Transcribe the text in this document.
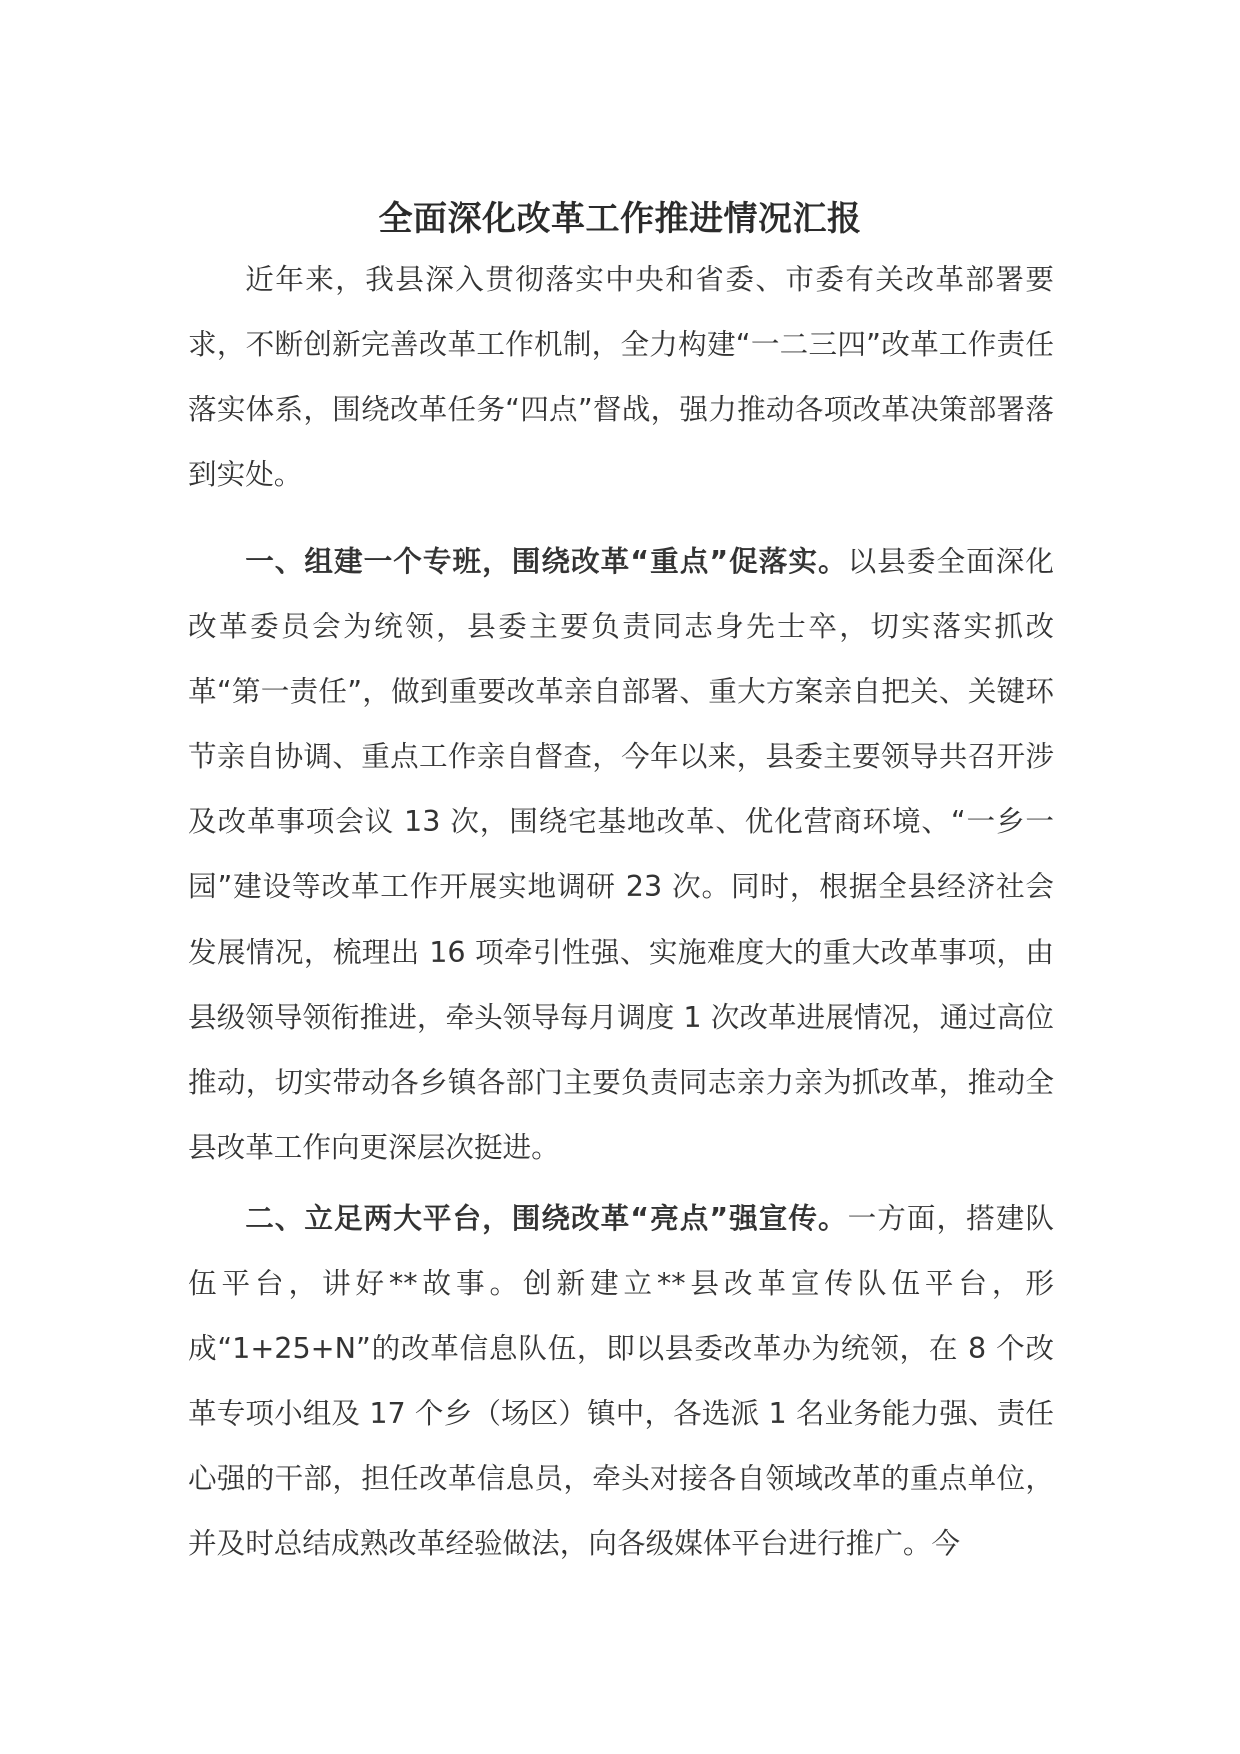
全面深化改革工作推进情况汇报

近年来，我县深入贯彻落实中央和省委、市委有关改革部署要求，不断创新完善改革工作机制，全力构建“一二三四”改革工作责任落实体系，围绕改革任务“四点”督战，强力推动各项改革决策部署落到实处。

一、组建一个专班，围绕改革“重点”促落实。以县委全面深化改革委员会为统领，县委主要负责同志身先士卒，切实落实抓改革“第一责任”，做到重要改革亲自部署、重大方案亲自把关、关键环节亲自协调、重点工作亲自督查，今年以来，县委主要领导共召开涉及改革事项会议 13 次，围绕宅基地改革、优化营商环境、“一乡一园”建设等改革工作开展实地调研 23 次。同时，根据全县经济社会发展情况，梳理出 16 项牵引性强、实施难度大的重大改革事项，由县级领导领衔推进，牵头领导每月调度 1 次改革进展情况，通过高位推动，切实带动各乡镇各部门主要负责同志亲力亲为抓改革，推动全县改革工作向更深层次挺进。

二、立足两大平台，围绕改革“亮点”强宣传。一方面，搭建队伍平台，讲好**故事。创新建立**县改革宣传队伍平台，形成“1+25+N”的改革信息队伍，即以县委改革办为统领，在 8 个改革专项小组及 17 个乡（场区）镇中，各选派 1 名业务能力强、责任心强的干部，担任改革信息员，牵头对接各自领域改革的重点单位，并及时总结成熟改革经验做法，向各级媒体平台进行推广。今
